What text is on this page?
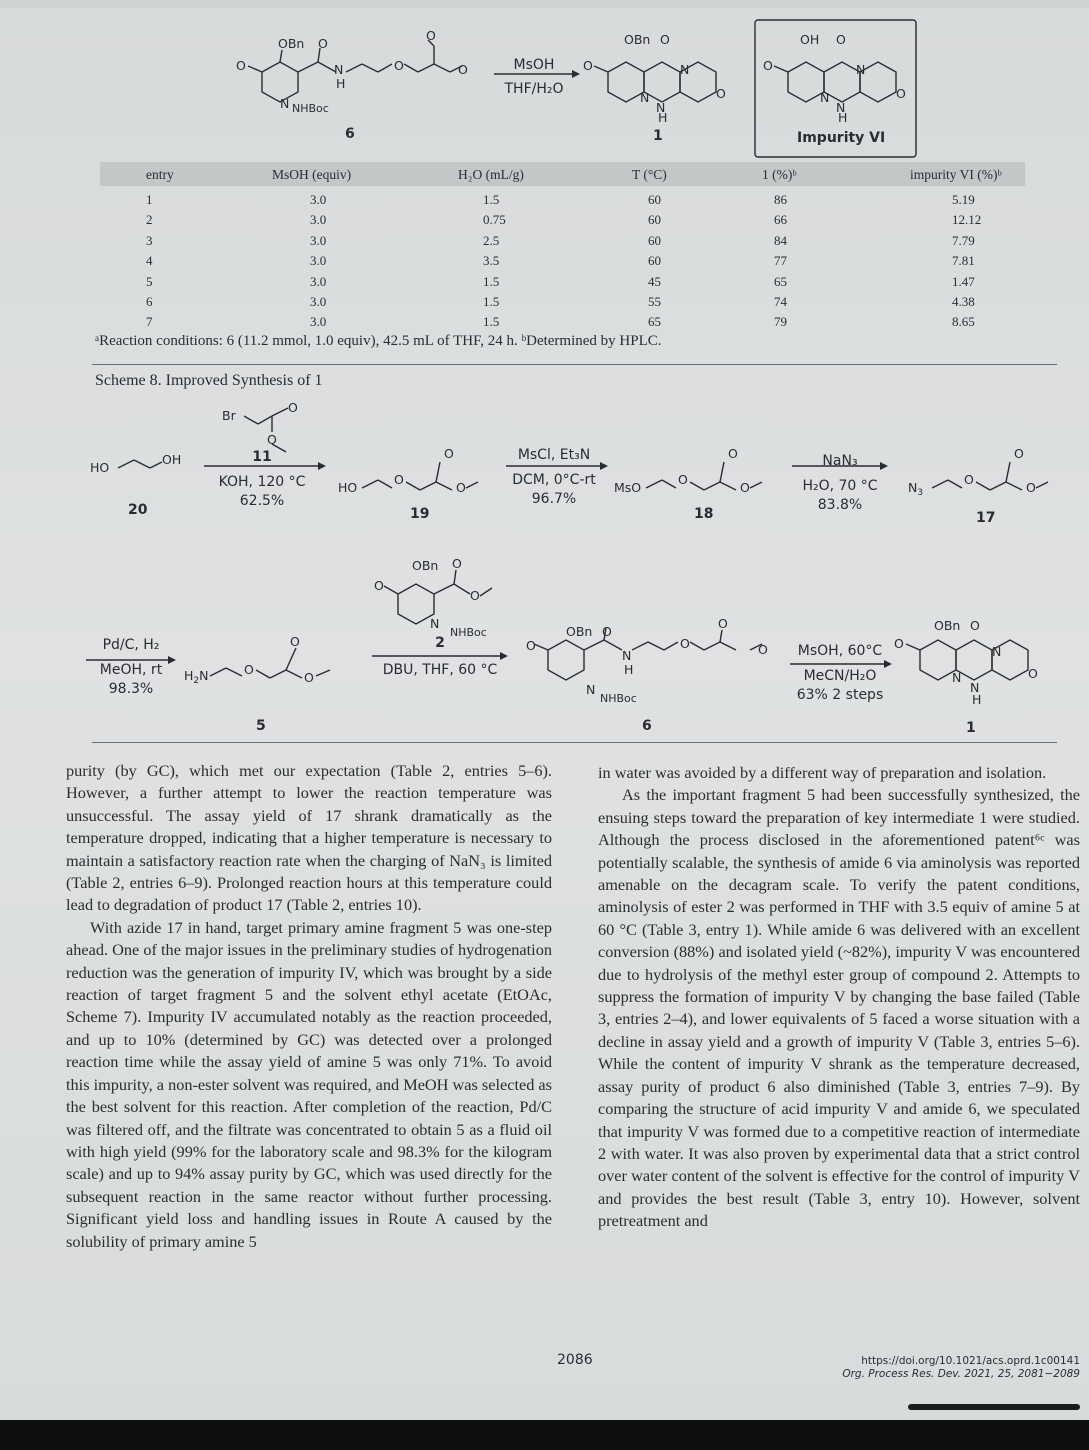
OBn O
O	N
H
N NHBoc
O
O
O
OBn O
O	N
O
N
N
H
OH O
O	N
O
N
N
H
MsOH
THF/H₂O
6	1	Impurity VI
entry	MsOH (equiv)	H₂O (mL/g)	T (°C)	1 (%)ᵇ	impurity VI (%)ᵇ
1	3.0	1.5	60	86	5.19
2	3.0	0.75	60	66	12.12
3	3.0	2.5	60	84	7.79
4	3.0	3.5	60	77	7.81
5	3.0	1.5	45	65	1.47
6	3.0	1.5	55	74	4.38
7	3.0	1.5	65	79	8.65
ᵃReaction conditions: 6 (11.2 mmol, 1.0 equiv), 42.5 mL of THF, 24 h. ᵇDetermined by HPLC.
Scheme 8. Improved Synthesis of 1
HO
OH
Br
O
O
HO
O
O
O	MsO
O
O
O	$N_3$
O
O
O
$H_2N$	O
O
O
OBn O
O
O
N
NHBoc	OBn O
O
N
H
N
NHBoc
O
O
O
OBn O
O
N
O
N
N
H
11
KOH, 120 °C
62.5%
MsCl, Et₃N
DCM, 0°C-rt
96.7%
NaN₃
H₂O, 70 °C
83.8%
Pd/C, H₂
MeOH, rt
98.3%
2
DBU, THF, 60 °C
MsOH, 60°C
MeCN/H₂O
63% 2 steps
20	19	18	17
5	6	1

purity (by GC), which met our expectation (Table 2, entries 5–6). However, a further attempt to lower the reaction temperature was unsuccessful. The assay yield of 17 shrank dramatically as the temperature dropped, indicating that a higher temperature is necessary to maintain a satisfactory reaction rate when the charging of NaN₃ is limited (Table 2, entries 6–9). Prolonged reaction hours at this temperature could lead to degradation of product 17 (Table 2, entries 10).

With azide 17 in hand, target primary amine fragment 5 was one-step ahead. One of the major issues in the preliminary studies of hydrogenation reduction was the generation of impurity IV, which was brought by a side reaction of target fragment 5 and the solvent ethyl acetate (EtOAc, Scheme 7). Impurity IV accumulated notably as the reaction proceeded, and up to 10% (determined by GC) was detected over a prolonged reaction time while the assay yield of amine 5 was only 71%. To avoid this impurity, a non-ester solvent was required, and MeOH was selected as the best solvent for this reaction. After completion of the reaction, Pd/C was filtered off, and the filtrate was concentrated to obtain 5 as a fluid oil with high yield (99% for the laboratory scale and 98.3% for the kilogram scale) and up to 94% assay purity by GC, which was used directly for the subsequent reaction in the same reactor without further processing. Significant yield loss and handling issues in Route A caused by the solubility of primary amine 5

in water was avoided by a different way of preparation and isolation.

As the important fragment 5 had been successfully synthesized, the ensuing steps toward the preparation of key intermediate 1 were studied. Although the process disclosed in the aforementioned patent⁶ᶜ was potentially scalable, the synthesis of amide 6 via aminolysis was reported amenable on the decagram scale. To verify the patent conditions, aminolysis of ester 2 was performed in THF with 3.5 equiv of amine 5 at 60 °C (Table 3, entry 1). While amide 6 was delivered with an excellent conversion (88%) and isolated yield (~82%), impurity V was encountered due to hydrolysis of the methyl ester group of compound 2. Attempts to suppress the formation of impurity V by changing the base failed (Table 3, entries 2–4), and lower equivalents of 5 faced a worse situation with a decline in assay yield and a growth of impurity V (Table 3, entries 5–6). While the content of impurity V shrank as the temperature decreased, assay purity of product 6 also diminished (Table 3, entries 7–9). By comparing the structure of acid impurity V and amide 6, we speculated that impurity V was formed due to a competitive reaction of intermediate 2 with water. It was also proven by experimental data that a strict control over water content of the solvent is effective for the control of impurity V and provides the best result (Table 3, entry 10). However, solvent pretreatment and

2086	https://doi.org/10.1021/acs.oprd.1c00141
Org. Process Res. Dev. 2021, 25, 2081−2089
